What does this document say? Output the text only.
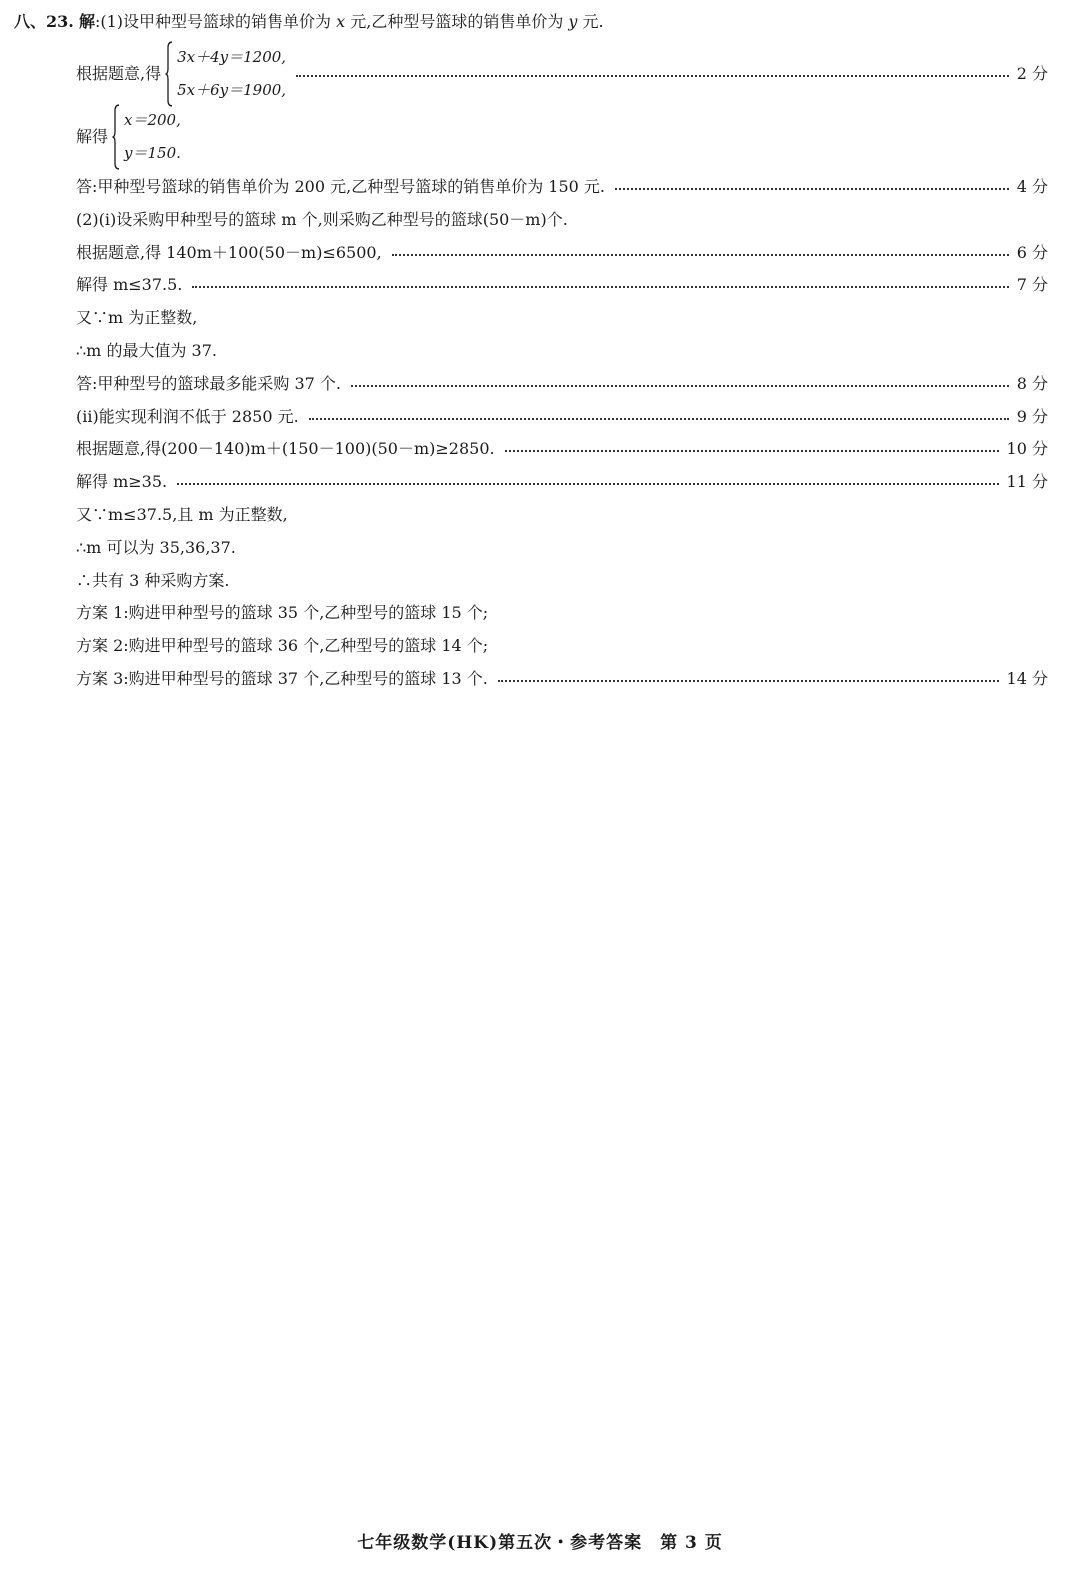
八、23. 解:(1)设甲种型号篮球的销售单价为 x 元,乙种型号篮球的销售单价为 y 元.
根据题意,得
3x＋4y＝1200,
5x＋6y＝1900,
2 分
解得
x＝200,
y＝150.
答:甲种型号篮球的销售单价为 200 元,乙种型号篮球的销售单价为 150 元.	4 分
(2)(ⅰ)设采购甲种型号的篮球 m 个,则采购乙种型号的篮球(50－m)个.
根据题意,得 140m＋100(50－m)≤6500,	6 分
解得 m≤37.5.	7 分
又∵m 为正整数,
∴m 的最大值为 37.
答:甲种型号的篮球最多能采购 37 个.	8 分
(ⅱ)能实现利润不低于 2850 元.	9 分
根据题意,得(200－140)m＋(150－100)(50－m)≥2850.	10 分
解得 m≥35.	11 分
又∵m≤37.5,且 m 为正整数,
∴m 可以为 35,36,37.
∴共有 3 种采购方案.
方案 1:购进甲种型号的篮球 35 个,乙种型号的篮球 15 个;
方案 2:购进甲种型号的篮球 36 个,乙种型号的篮球 14 个;
方案 3:购进甲种型号的篮球 37 个,乙种型号的篮球 13 个.	14 分
七年级数学(HK)第五次・参考答案　第 3 页
